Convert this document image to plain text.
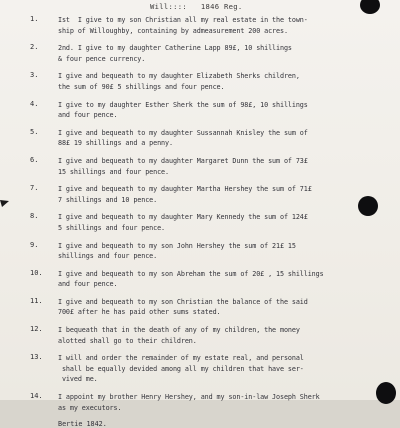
Will::::   1846 Reg.
1.	Ist  I give to my son Christian all my real estate in the town-
ship of Willoughby, containing by admeasurement 200 acres.
2.	2nd. I give to my daughter Catherine Lapp 89£, 10 shillings
& four pence currency.
3.	I give and bequeath to my daughter Elizabeth Sherks children,
the sum of 90£ 5 shillings and four pence.
4.	I give to my daughter Esther Sherk the sum of 98£, 10 shillings
and four pence.
5.	I give and bequeath to my daughter Sussannah Knisley the sum of
88£ 19 shillings and a penny.
6.	I give and bequeath to my daughter Margaret Dunn the sum of 73£
15 shillings and four pence.
7.	I give and bequeath to my daughter Martha Hershey the sum of 71£
7 shillings and 10 pence.
8.	I give and bequeath to my daughter Mary Kennedy the sum of 124£
5 shillings and four pence.
9.	I give and bequeath to my son John Hershey the sum of 21£ 15
shillings and four pence.
10. I give and bequeath to my son Abreham the sum of 20£ , 15 shillings
and four pence.
11. I give and bequeath to my son Christian the balance of the said
700£ after he has paid other sums stated.
12. I bequeath that in the death of any of my children, the money
alotted shall go to their children.
13. I will and order the remainder of my estate real, and personal
shall be equally devided among all my children that have ser-
vived me.
14. I appoint my brother Henry Hershey, and my son-in-law Joseph Sherk
as my executors.
Bertie 1842.
